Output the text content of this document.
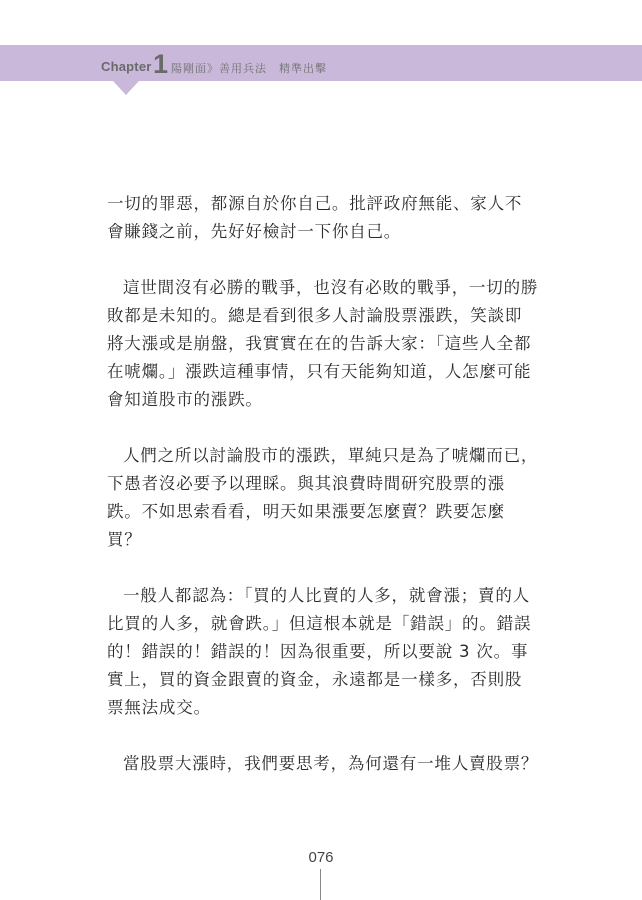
Chapter 1 陽剛面》善用兵法　精準出擊

一切的罪惡，都源自於你自己。批評政府無能、家人不會賺錢之前，先好好檢討一下你自己。

這世間沒有必勝的戰爭，也沒有必敗的戰爭，一切的勝敗都是未知的。總是看到很多人討論股票漲跌，笑談即將大漲或是崩盤，我實實在在的告訴大家：「這些人全都在唬爛。」漲跌這種事情，只有天能夠知道，人怎麼可能會知道股市的漲跌。

人們之所以討論股市的漲跌，單純只是為了唬爛而已，下愚者沒必要予以理睬。與其浪費時間研究股票的漲跌。不如思索看看，明天如果漲要怎麼賣？跌要怎麼買？

一般人都認為：「買的人比賣的人多，就會漲；賣的人比買的人多，就會跌。」但這根本就是「錯誤」的。錯誤的！錯誤的！錯誤的！因為很重要，所以要說 3 次。事實上，買的資金跟賣的資金，永遠都是一樣多，否則股票無法成交。

當股票大漲時，我們要思考，為何還有一堆人賣股票？

076
